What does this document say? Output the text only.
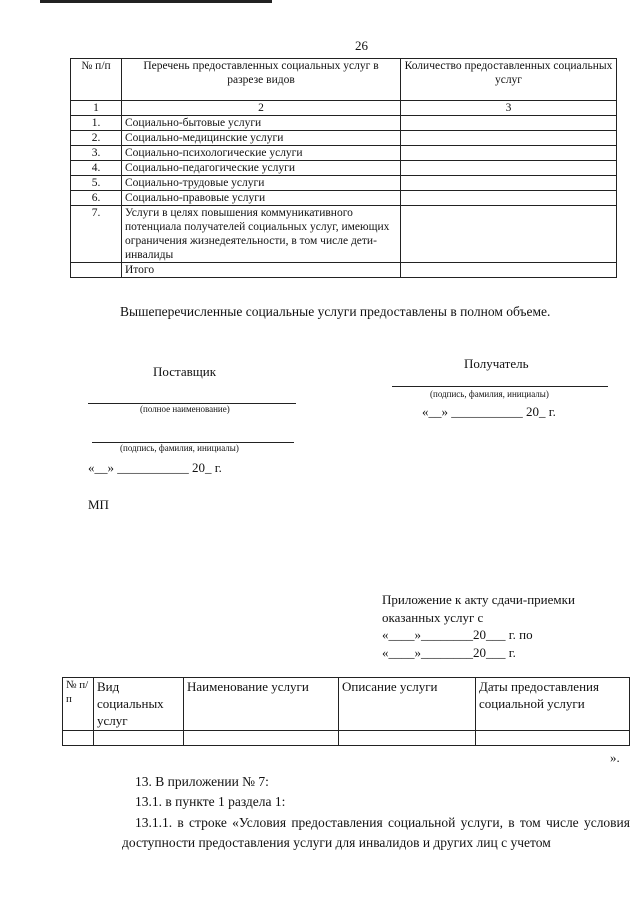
26
№ п/п	Перечень предоставленных социальных услуг в разрезе видов	Количество предоставленных социальных услуг
1	2	3
1.	Социально-бытовые услуги	
2.	Социально-медицинские услуги	
3.	Социально-психологические услуги	
4.	Социально-педагогические услуги	
5.	Социально-трудовые услуги	
6.	Социально-правовые услуги	
7.	Услуги в целях повышения коммуникативного потенциала получателей социальных услуг, имеющих ограничения жизнедеятельности, в том числе дети-инвалиды	
	Итого	
Вышеперечисленные социальные услуги предоставлены в полном объеме.
Поставщик
(полное наименование)
(подпись, фамилия, инициалы)
«__» ___________ 20_ г.
Получатель
(подпись, фамилия, инициалы)
«__» ___________ 20_ г.
МП
Приложение к акту сдачи-приемки
оказанных услуг с
«____»________20___ г. по
«____»________20___ г.
№ п/п	Вид социальных услуг	Наименование услуги	Описание услуги	Даты предоставления социальной услуги

».
13. В приложении № 7:
13.1. в пункте 1 раздела 1:
13.1.1. в строке «Условия предоставления социальной услуги, в том числе условия доступности предоставления услуги для инвалидов и других лиц с учетом
